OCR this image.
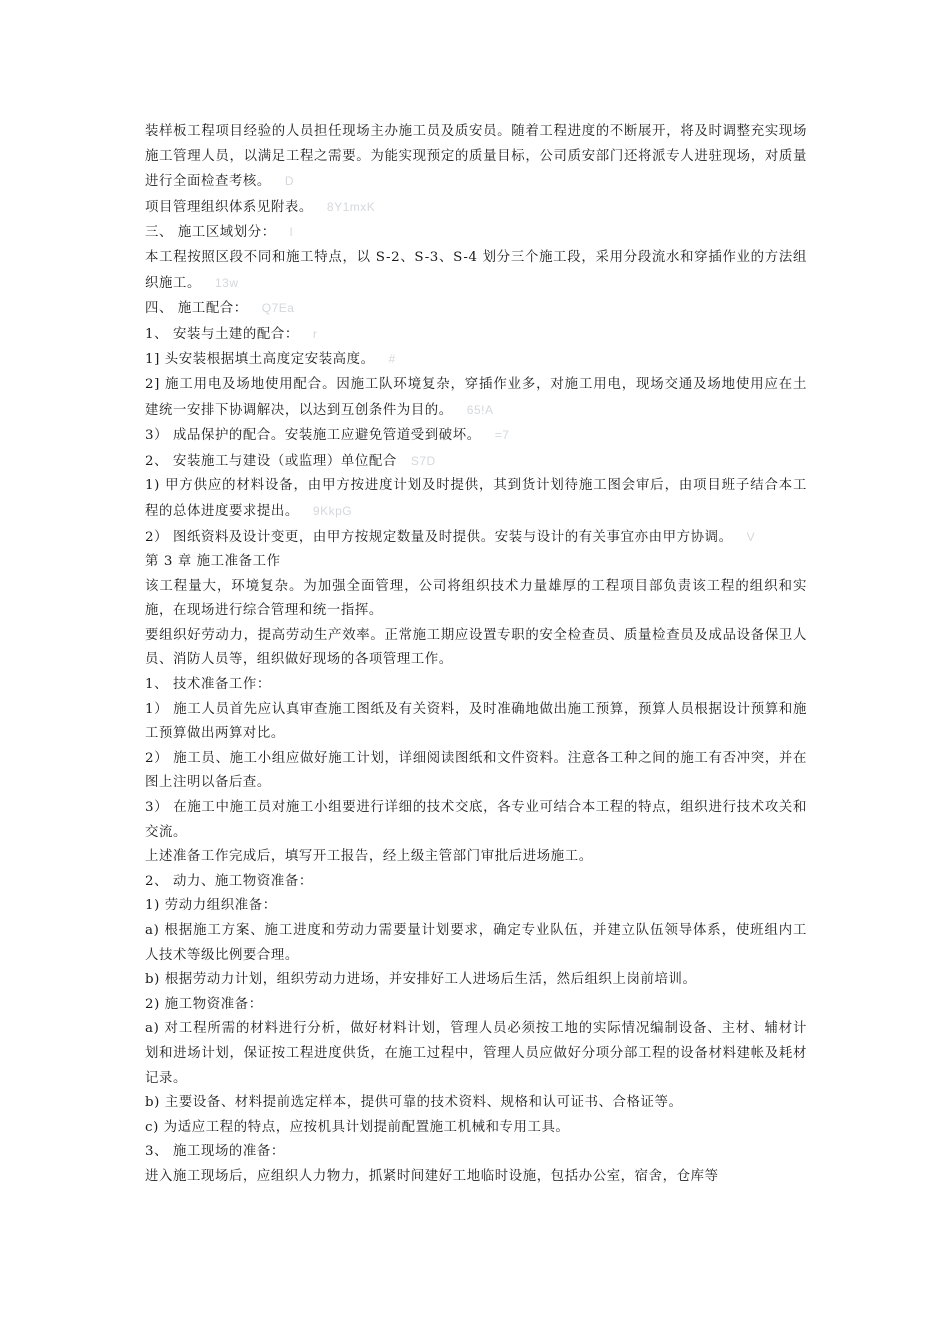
装样板工程项目经验的人员担任现场主办施工员及质安员。随着工程进度的不断展开，将及时调整充实现场施工管理人员，以满足工程之需要。为能实现预定的质量目标，公司质安部门还将派专人进驻现场，对质量进行全面检查考核。 D

项目管理组织体系见附表。 8Y1mxK

三、 施工区域划分： l

本工程按照区段不同和施工特点，以 S-2、S-3、S-4 划分三个施工段，采用分段流水和穿插作业的方法组织施工。 13w

四、 施工配合： Q7Ea

1、 安装与土建的配合： r

1] 头安装根据填土高度定安装高度。 #

2] 施工用电及场地使用配合。因施工队环境复杂，穿插作业多，对施工用电，现场交通及场地使用应在土建统一安排下协调解决，以达到互创条件为目的。 65!A

3） 成品保护的配合。安装施工应避免管道受到破坏。 =7

2、 安装施工与建设（或监理）单位配合 S7D

1) 甲方供应的材料设备，由甲方按进度计划及时提供，其到货计划待施工图会审后，由项目班子结合本工程的总体进度要求提出。 9KkpG

2） 图纸资料及设计变更，由甲方按规定数量及时提供。安装与设计的有关事宜亦由甲方协调。 V

第 3 章 施工准备工作

该工程量大，环境复杂。为加强全面管理，公司将组织技术力量雄厚的工程项目部负责该工程的组织和实施，在现场进行综合管理和统一指挥。

要组织好劳动力，提高劳动生产效率。正常施工期应设置专职的安全检查员、质量检查员及成品设备保卫人员、消防人员等，组织做好现场的各项管理工作。

1、 技术准备工作：

1） 施工人员首先应认真审查施工图纸及有关资料，及时准确地做出施工预算，预算人员根据设计预算和施工预算做出两算对比。

2） 施工员、施工小组应做好施工计划，详细阅读图纸和文件资料。注意各工种之间的施工有否冲突，并在图上注明以备后查。

3） 在施工中施工员对施工小组要进行详细的技术交底，各专业可结合本工程的特点，组织进行技术攻关和交流。

上述准备工作完成后，填写开工报告，经上级主管部门审批后进场施工。

2、 动力、施工物资准备：

1) 劳动力组织准备：

a) 根据施工方案、施工进度和劳动力需要量计划要求，确定专业队伍，并建立队伍领导体系，使班组内工人技术等级比例要合理。

b) 根据劳动力计划，组织劳动力进场，并安排好工人进场后生活，然后组织上岗前培训。

2) 施工物资准备：

a) 对工程所需的材料进行分析，做好材料计划，管理人员必须按工地的实际情况编制设备、主材、辅材计划和进场计划，保证按工程进度供货，在施工过程中，管理人员应做好分项分部工程的设备材料建帐及耗材记录。

b) 主要设备、材料提前选定样本，提供可靠的技术资料、规格和认可证书、合格证等。

c) 为适应工程的特点，应按机具计划提前配置施工机械和专用工具。

3、 施工现场的准备：

进入施工现场后，应组织人力物力，抓紧时间建好工地临时设施，包括办公室，宿舍，仓库等
